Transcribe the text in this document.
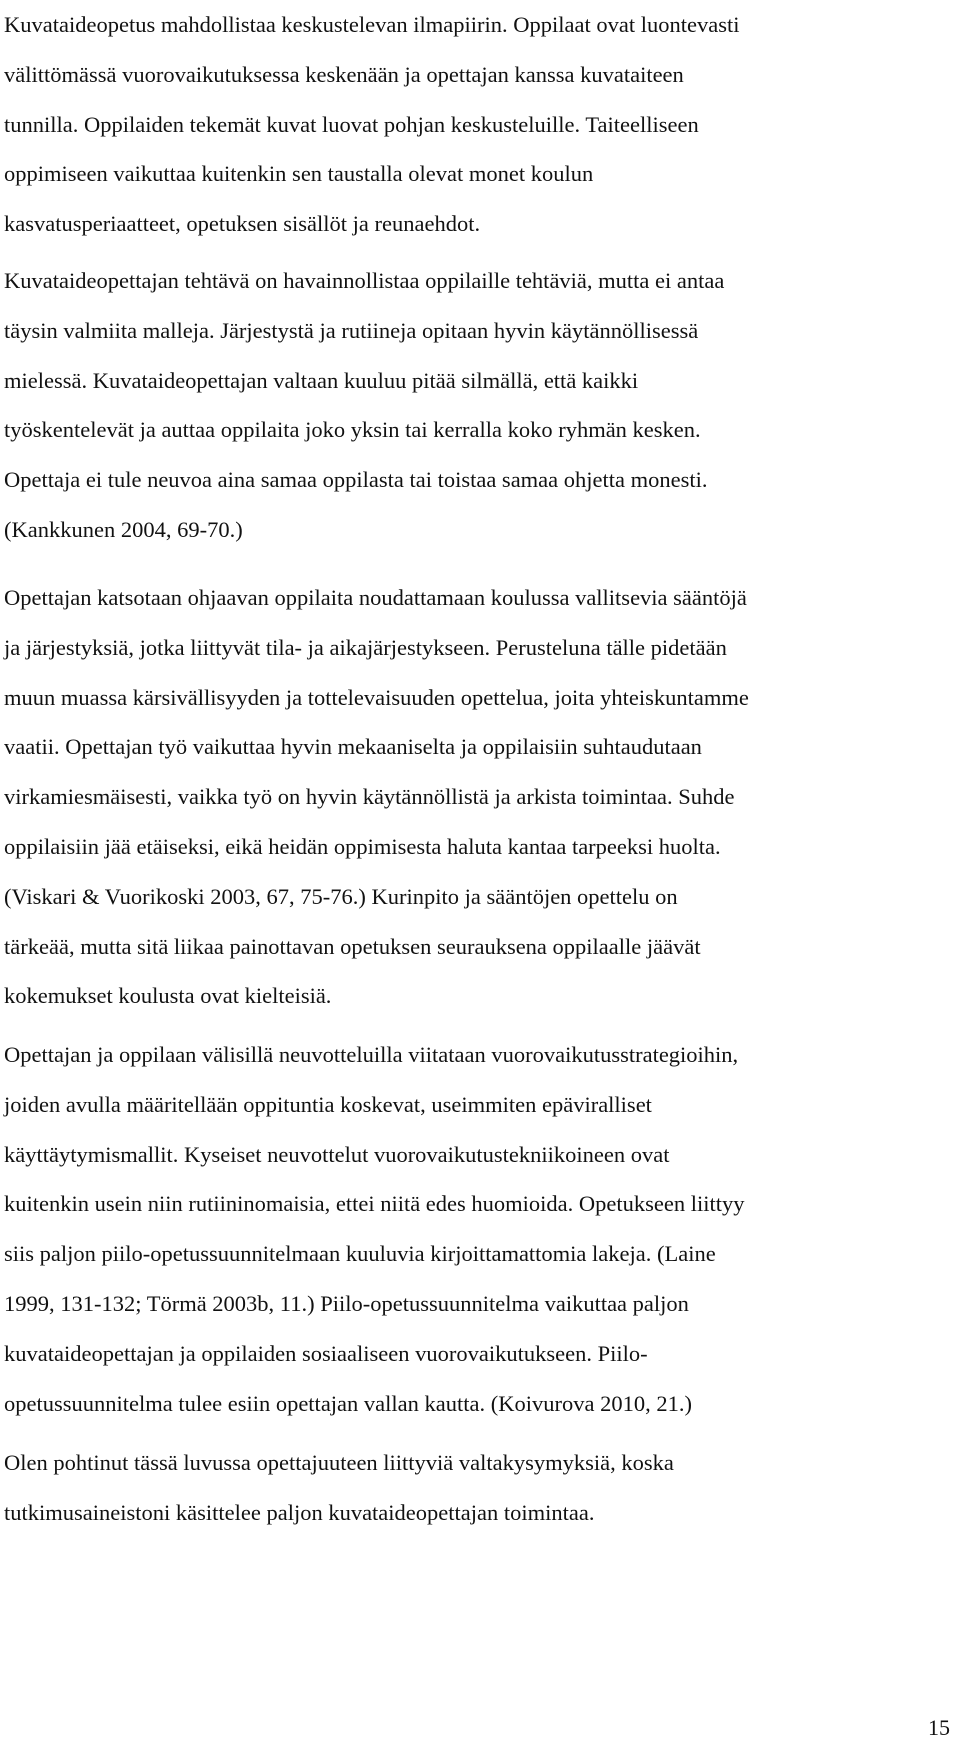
Kuvataideopetus mahdollistaa keskustelevan ilmapiirin. Oppilaat ovat luontevasti
välittömässä vuorovaikutuksessa keskenään ja opettajan kanssa kuvataiteen
tunnilla. Oppilaiden tekemät kuvat luovat pohjan keskusteluille. Taiteelliseen
oppimiseen vaikuttaa kuitenkin sen taustalla olevat monet koulun
kasvatusperiaatteet, opetuksen sisällöt ja reunaehdot.
Kuvataideopettajan tehtävä on havainnollistaa oppilaille tehtäviä, mutta ei antaa
täysin valmiita malleja. Järjestystä ja rutiineja opitaan hyvin käytännöllisessä
mielessä. Kuvataideopettajan valtaan kuuluu pitää silmällä, että kaikki
työskentelevät ja auttaa oppilaita joko yksin tai kerralla koko ryhmän kesken.
Opettaja ei tule neuvoa aina samaa oppilasta tai toistaa samaa ohjetta monesti.
(Kankkunen 2004, 69-70.)
Opettajan katsotaan ohjaavan oppilaita noudattamaan koulussa vallitsevia sääntöjä
ja järjestyksiä, jotka liittyvät tila- ja aikajärjestykseen. Perusteluna tälle pidetään
muun muassa kärsivällisyyden ja tottelevaisuuden opettelua, joita yhteiskuntamme
vaatii. Opettajan työ vaikuttaa hyvin mekaaniselta ja oppilaisiin suhtaudutaan
virkamiesmäisesti, vaikka työ on hyvin käytännöllistä ja arkista toimintaa. Suhde
oppilaisiin jää etäiseksi, eikä heidän oppimisesta haluta kantaa tarpeeksi huolta.
(Viskari & Vuorikoski 2003, 67, 75-76.) Kurinpito ja sääntöjen opettelu on
tärkeää, mutta sitä liikaa painottavan opetuksen seurauksena oppilaalle jäävät
kokemukset koulusta ovat kielteisiä.
Opettajan ja oppilaan välisillä neuvotteluilla viitataan vuorovaikutusstrategioihin,
joiden avulla määritellään oppituntia koskevat, useimmiten epäviralliset
käyttäytymismallit. Kyseiset neuvottelut vuorovaikutustekniikoineen ovat
kuitenkin usein niin rutiininomaisia, ettei niitä edes huomioida. Opetukseen liittyy
siis paljon piilo-opetussuunnitelmaan kuuluvia kirjoittamattomia lakeja. (Laine
1999, 131-132; Törmä 2003b, 11.) Piilo-opetussuunnitelma vaikuttaa paljon
kuvataideopettajan ja oppilaiden sosiaaliseen vuorovaikutukseen. Piilo-
opetussuunnitelma tulee esiin opettajan vallan kautta. (Koivurova 2010, 21.)
Olen pohtinut tässä luvussa opettajuuteen liittyviä valtakysymyksiä, koska
tutkimusaineistoni käsittelee paljon kuvataideopettajan toimintaa.
15
